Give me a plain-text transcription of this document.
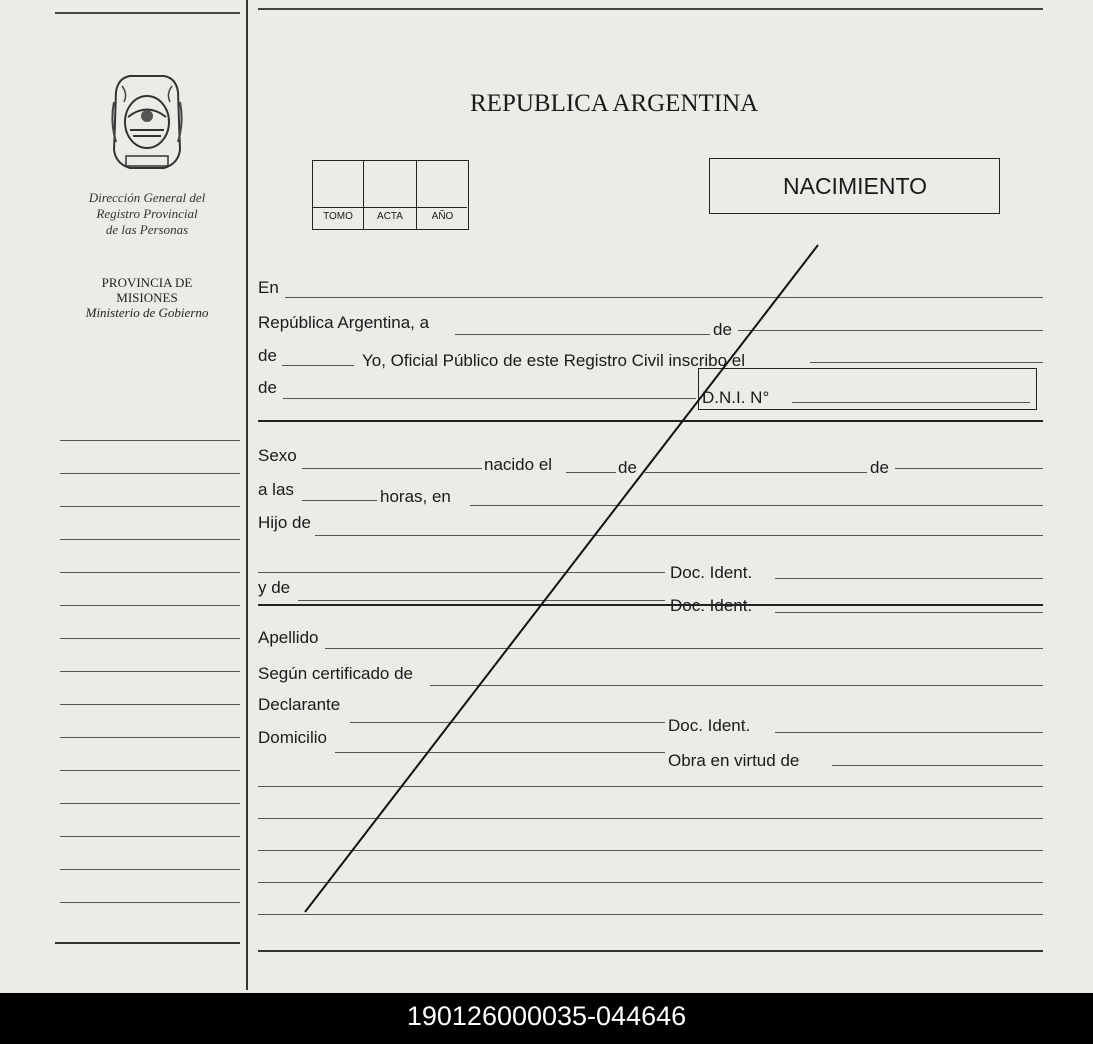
Dirección General del
Registro Provincial
de las Personas
PROVINCIA DE
MISIONES
Ministerio de Gobierno
REPUBLICA ARGENTINA
TOMO	ACTA	AÑO
NACIMIENTO
En
República Argentina, a	de
de	Yo, Oficial Público de este Registro Civil inscribo el
de
D.N.I. N°
Sexo	nacido el	de	de
a las	horas, en
Hijo de
Doc. Ident.
y de
Doc. Ident.
Apellido
Según certificado de
Declarante
Doc. Ident.
Domicilio
Obra en virtud de
190126000035-044646
